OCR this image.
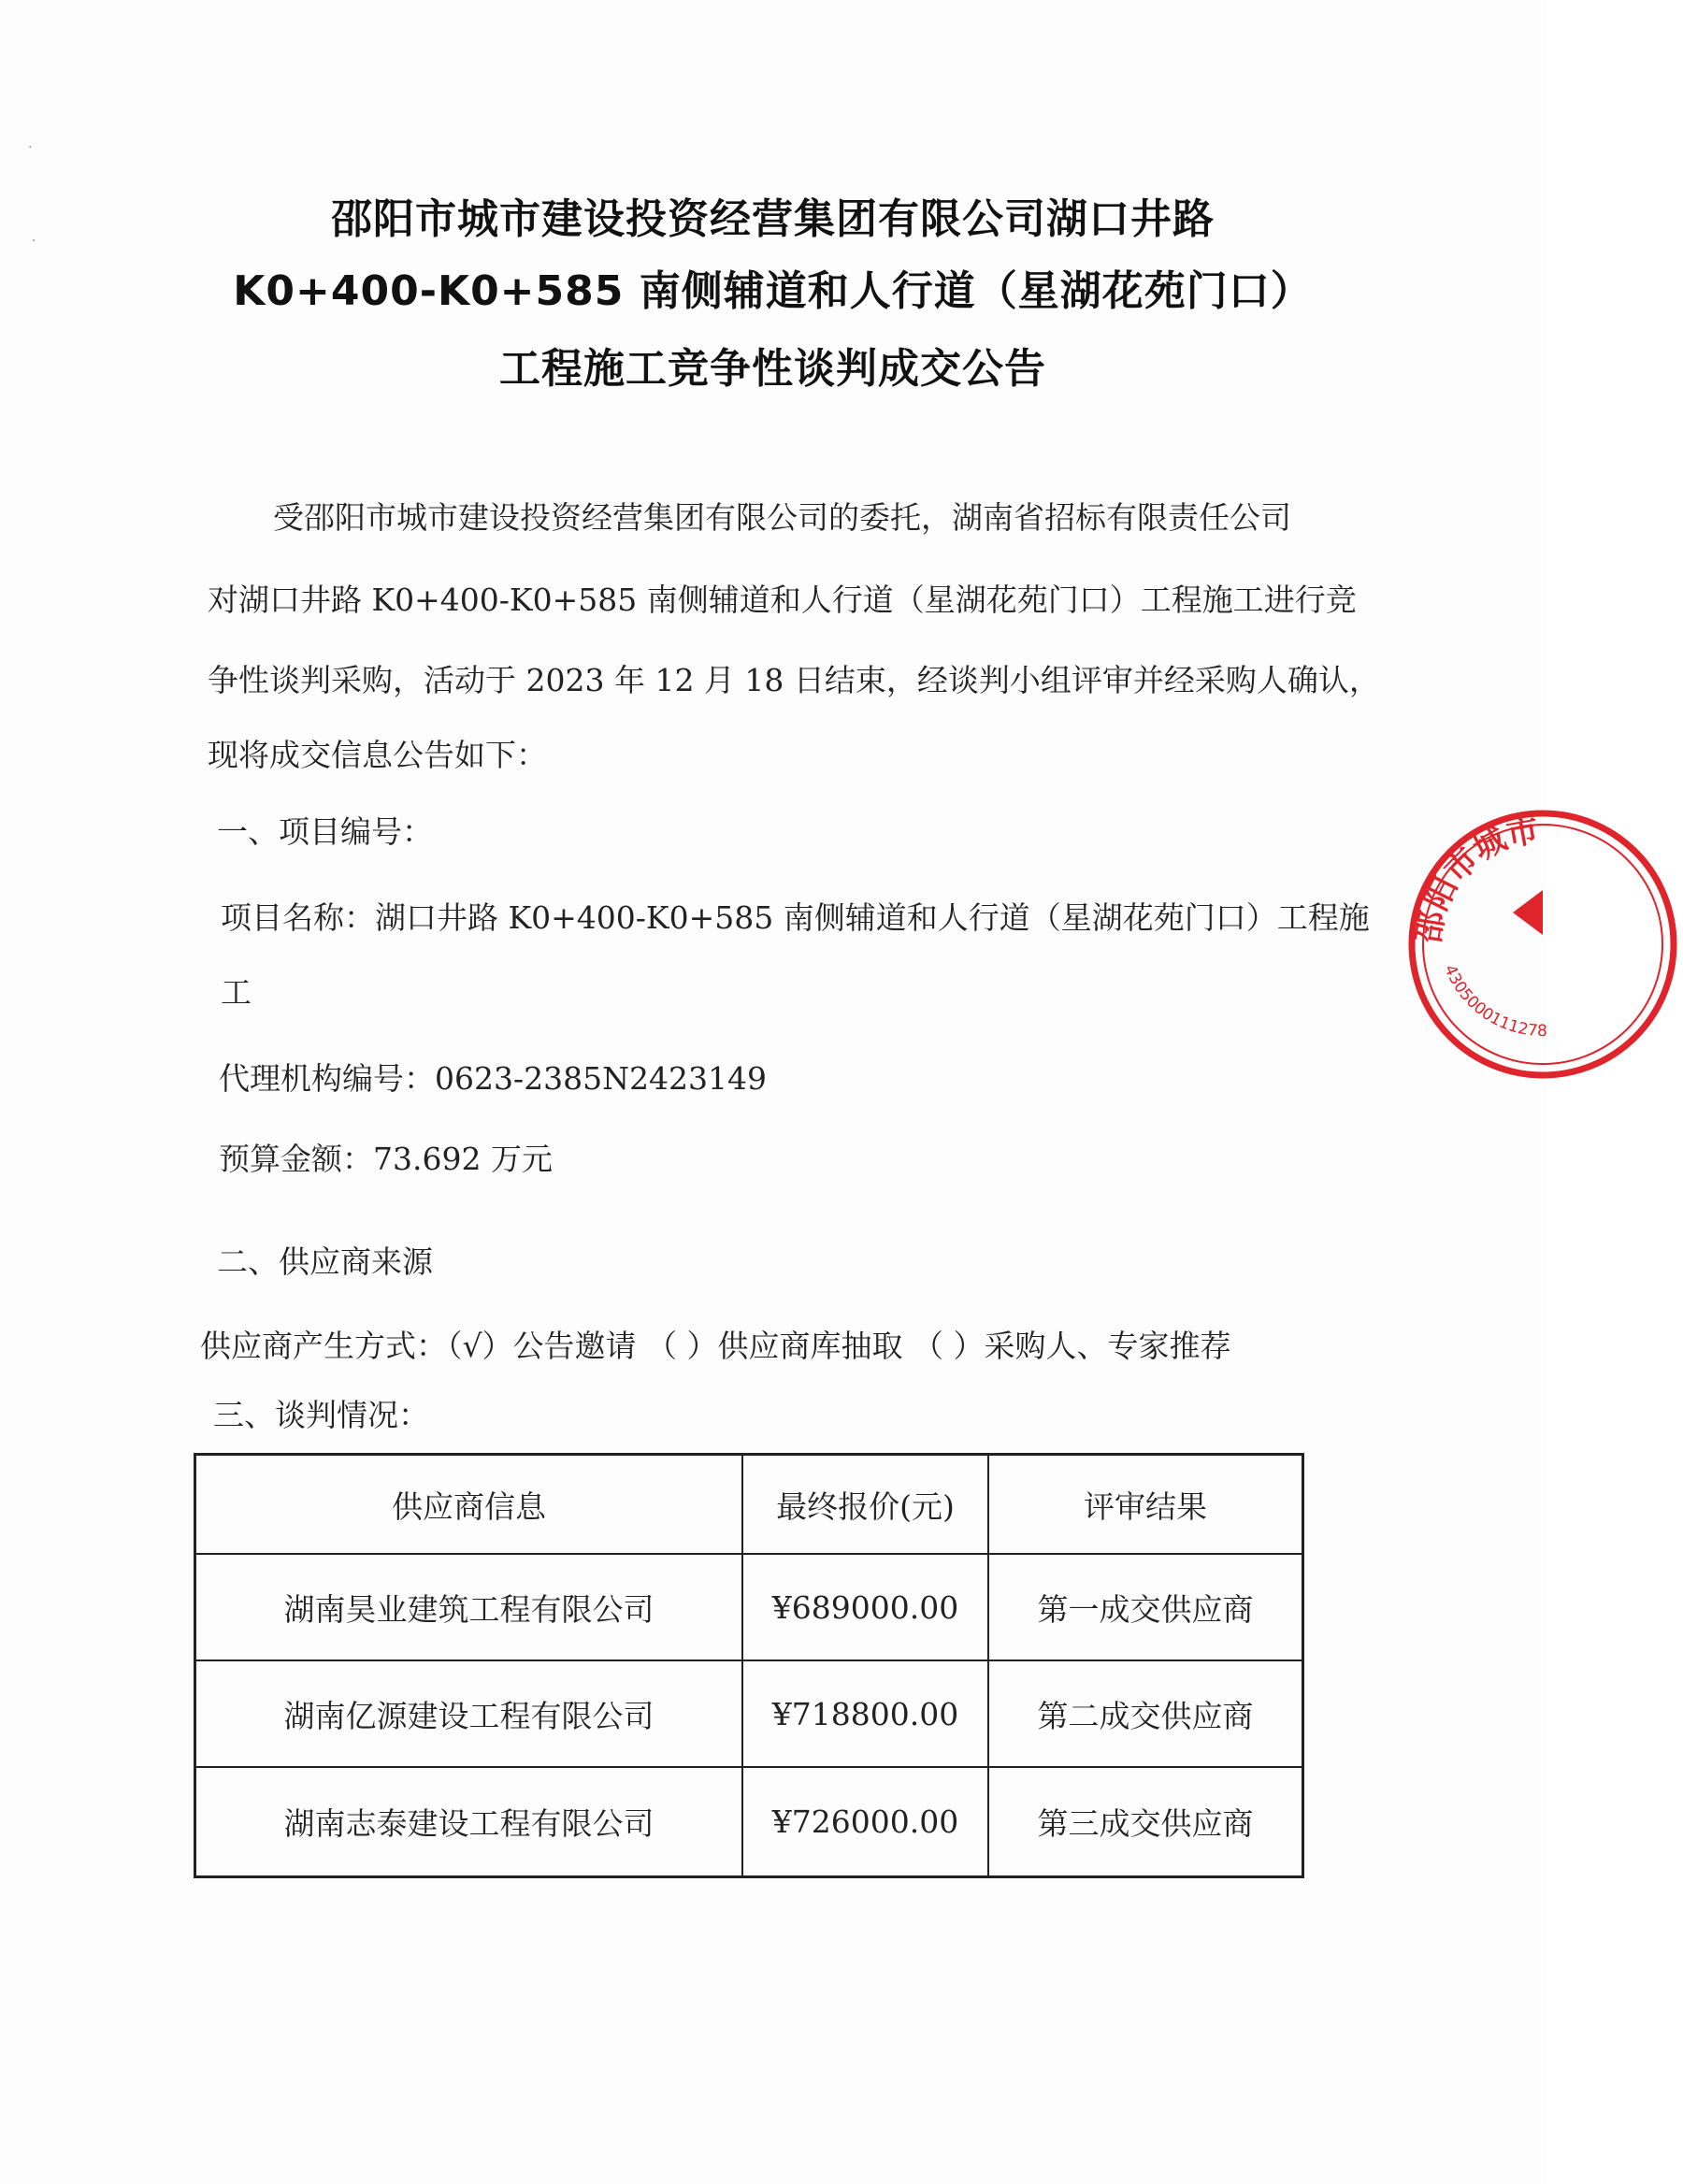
·
·	邵阳市城市建设投资经营集团有限公司湖口井路
K0+400-K0+585 南侧辅道和人行道（星湖花苑门口）
工程施工竞争性谈判成交公告
受邵阳市城市建设投资经营集团有限公司的委托，湖南省招标有限责任公司
对湖口井路 K0+400-K0+585 南侧辅道和人行道（星湖花苑门口）工程施工进行竞
争性谈判采购，活动于 2023 年 12 月 18 日结束，经谈判小组评审并经采购人确认，
现将成交信息公告如下：
一、项目编号：
项目名称：湖口井路 K0+400-K0+585 南侧辅道和人行道（星湖花苑门口）工程施
工
代理机构编号：0623-2385N2423149
预算金额：73.692 万元
二、供应商来源
供应商产生方式：（√）公告邀请 （ ）供应商库抽取 （ ）采购人、专家推荐
三、谈判情况：
供应商信息	最终报价(元)	评审结果
湖南昊业建筑工程有限公司	¥689000.00	第一成交供应商
湖南亿源建设工程有限公司	¥718800.00	第二成交供应商
湖南志泰建设工程有限公司	¥726000.00	第三成交供应商
邵阳市城市
4305000111278
